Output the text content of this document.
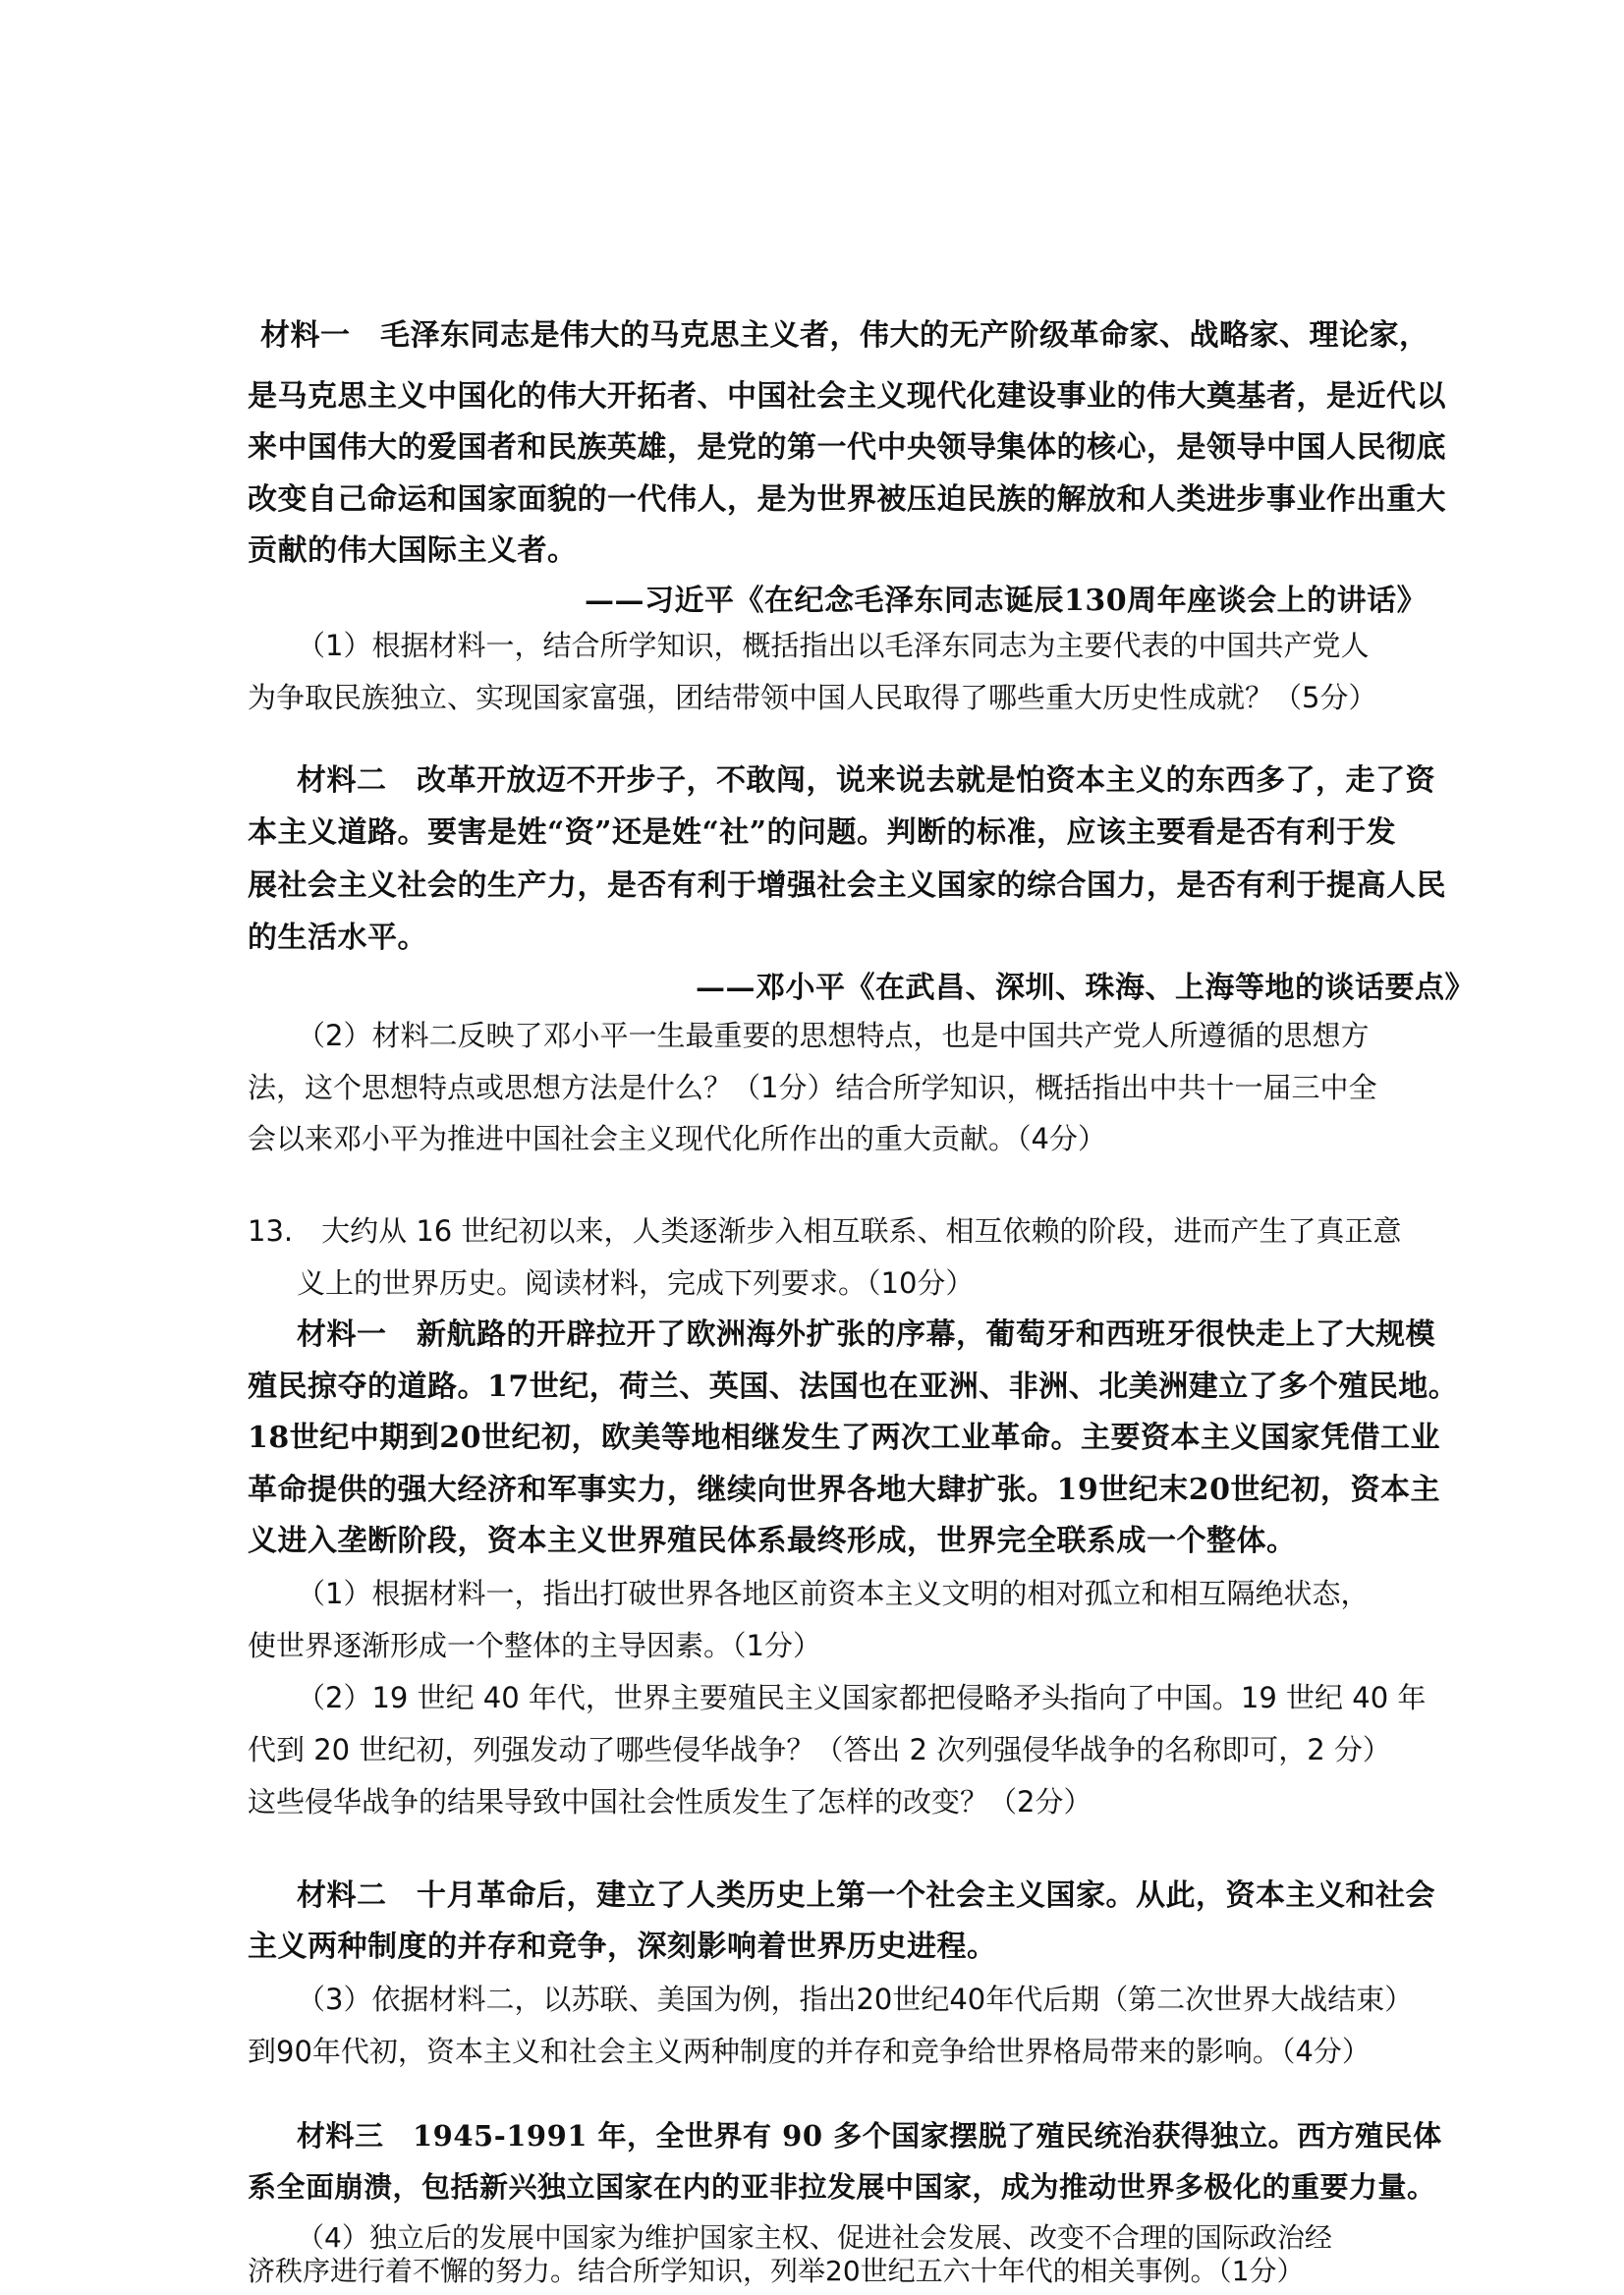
材料一　毛泽东同志是伟大的马克思主义者，伟大的无产阶级革命家、战略家、理论家，

是马克思主义中国化的伟大开拓者、中国社会主义现代化建设事业的伟大奠基者，是近代以

来中国伟大的爱国者和民族英雄，是党的第一代中央领导集体的核心，是领导中国人民彻底

改变自己命运和国家面貌的一代伟人，是为世界被压迫民族的解放和人类进步事业作出重大

贡献的伟大国际主义者。

——习近平《在纪念毛泽东同志诞辰130周年座谈会上的讲话》

（1）根据材料一，结合所学知识，概括指出以毛泽东同志为主要代表的中国共产党人

为争取民族独立、实现国家富强，团结带领中国人民取得了哪些重大历史性成就？（5分）

材料二　改革开放迈不开步子，不敢闯，说来说去就是怕资本主义的东西多了，走了资

本主义道路。要害是姓“资”还是姓“社”的问题。判断的标准，应该主要看是否有利于发

展社会主义社会的生产力，是否有利于增强社会主义国家的综合国力，是否有利于提高人民

的生活水平。

——邓小平《在武昌、深圳、珠海、上海等地的谈话要点》

（2）材料二反映了邓小平一生最重要的思想特点，也是中国共产党人所遵循的思想方

法，这个思想特点或思想方法是什么？（1分）结合所学知识，概括指出中共十一届三中全

会以来邓小平为推进中国社会主义现代化所作出的重大贡献。（4分）

13.　大约从 16 世纪初以来，人类逐渐步入相互联系、相互依赖的阶段，进而产生了真正意

义上的世界历史。阅读材料，完成下列要求。（10分）

材料一　新航路的开辟拉开了欧洲海外扩张的序幕，葡萄牙和西班牙很快走上了大规模

殖民掠夺的道路。17世纪，荷兰、英国、法国也在亚洲、非洲、北美洲建立了多个殖民地。

18世纪中期到20世纪初，欧美等地相继发生了两次工业革命。主要资本主义国家凭借工业

革命提供的强大经济和军事实力，继续向世界各地大肆扩张。19世纪末20世纪初，资本主

义进入垄断阶段，资本主义世界殖民体系最终形成，世界完全联系成一个整体。

（1）根据材料一，指出打破世界各地区前资本主义文明的相对孤立和相互隔绝状态，

使世界逐渐形成一个整体的主导因素。（1分）

（2）19 世纪 40 年代，世界主要殖民主义国家都把侵略矛头指向了中国。19 世纪 40 年

代到 20 世纪初，列强发动了哪些侵华战争？（答出 2 次列强侵华战争的名称即可，2 分）

这些侵华战争的结果导致中国社会性质发生了怎样的改变？（2分）

材料二　十月革命后，建立了人类历史上第一个社会主义国家。从此，资本主义和社会

主义两种制度的并存和竞争，深刻影响着世界历史进程。

（3）依据材料二，以苏联、美国为例，指出20世纪40年代后期（第二次世界大战结束）

到90年代初，资本主义和社会主义两种制度的并存和竞争给世界格局带来的影响。（4分）

材料三　1945-1991 年，全世界有 90 多个国家摆脱了殖民统治获得独立。西方殖民体

系全面崩溃，包括新兴独立国家在内的亚非拉发展中国家，成为推动世界多极化的重要力量。

（4）独立后的发展中国家为维护国家主权、促进社会发展、改变不合理的国际政治经

济秩序进行着不懈的努力。结合所学知识，列举20世纪五六十年代的相关事例。（1分）
